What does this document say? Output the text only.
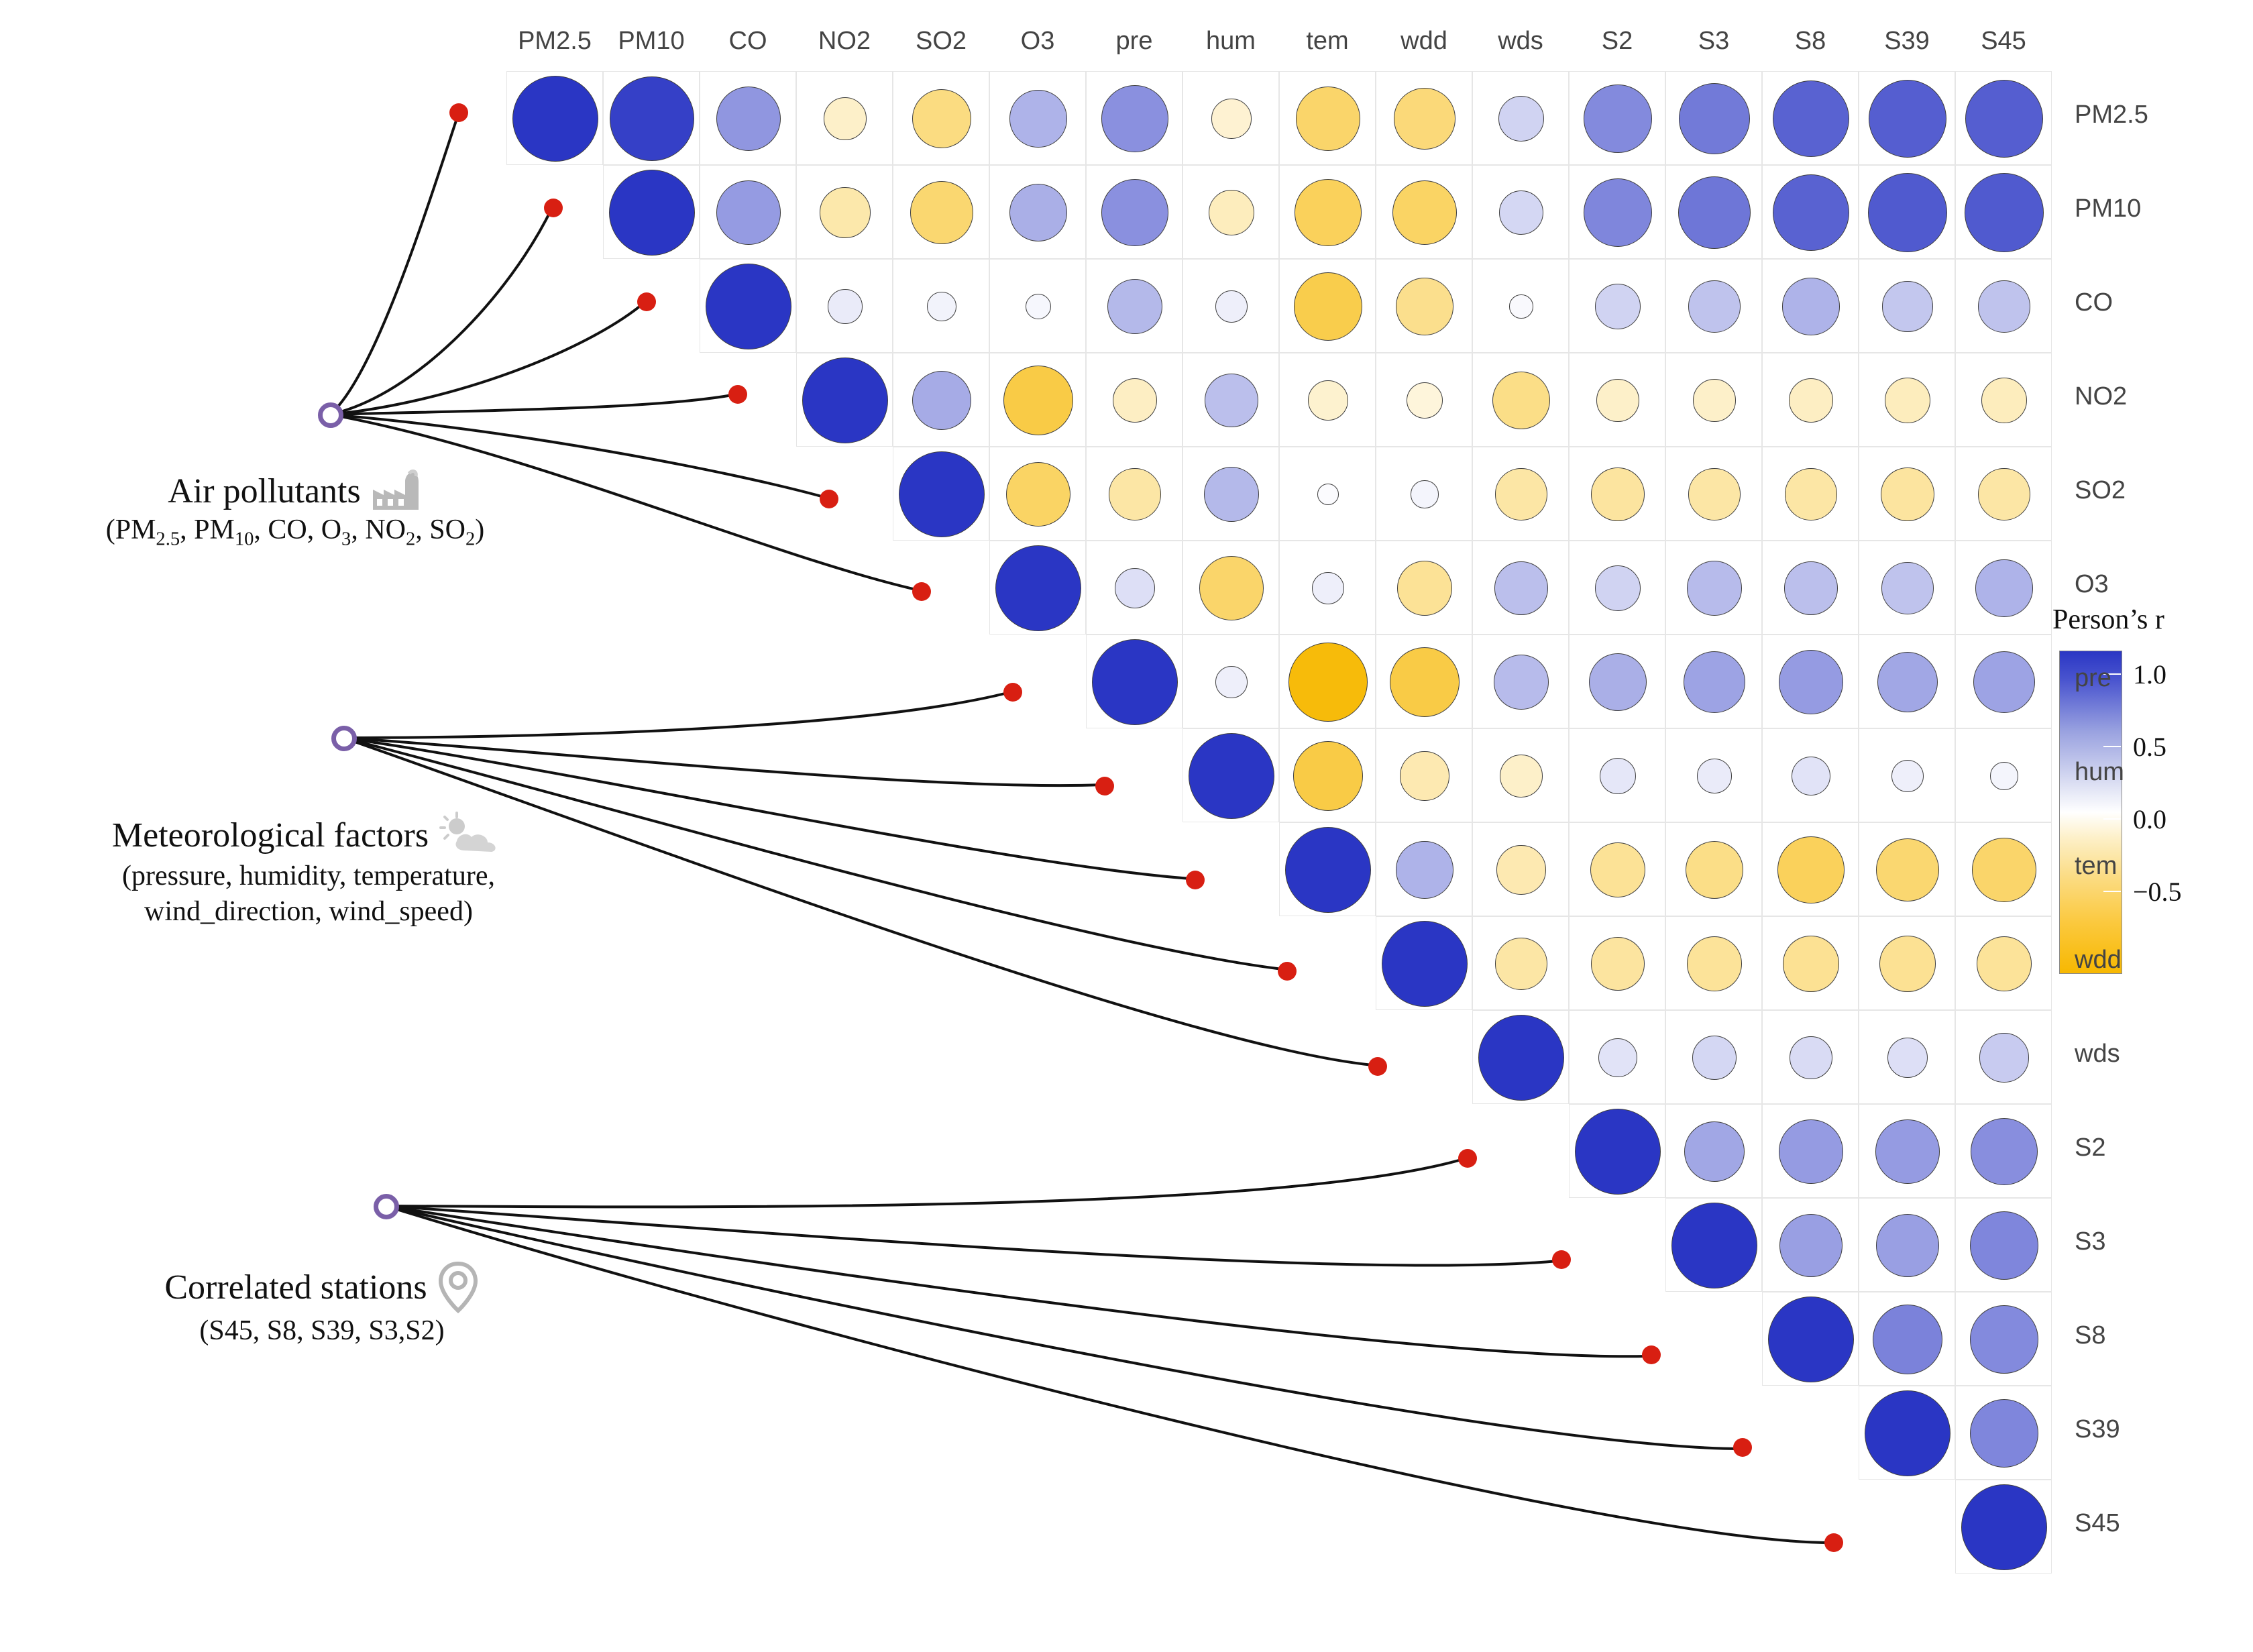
Air pollutants
($PM_{2.5}$, $PM_{10}$, CO, $O_3$, $NO_2$, $SO_2$)
Meteorological factors
(pressure, humidity, temperature,
wind_direction, wind_speed)
Correlated stations
(S45, S8, S39, S3,S2)
Person’s r
1.0
0.5
0.0
−0.5
PM2.5	PM10	CO	NO2	SO2	O3	pre	hum	tem	wdd	wds	S2	S3	S8	S39	S45
PM2.5
PM10
CO
NO2
SO2
O3
pre
hum
tem
wdd
wds
S2
S3
S8
S39
S45
